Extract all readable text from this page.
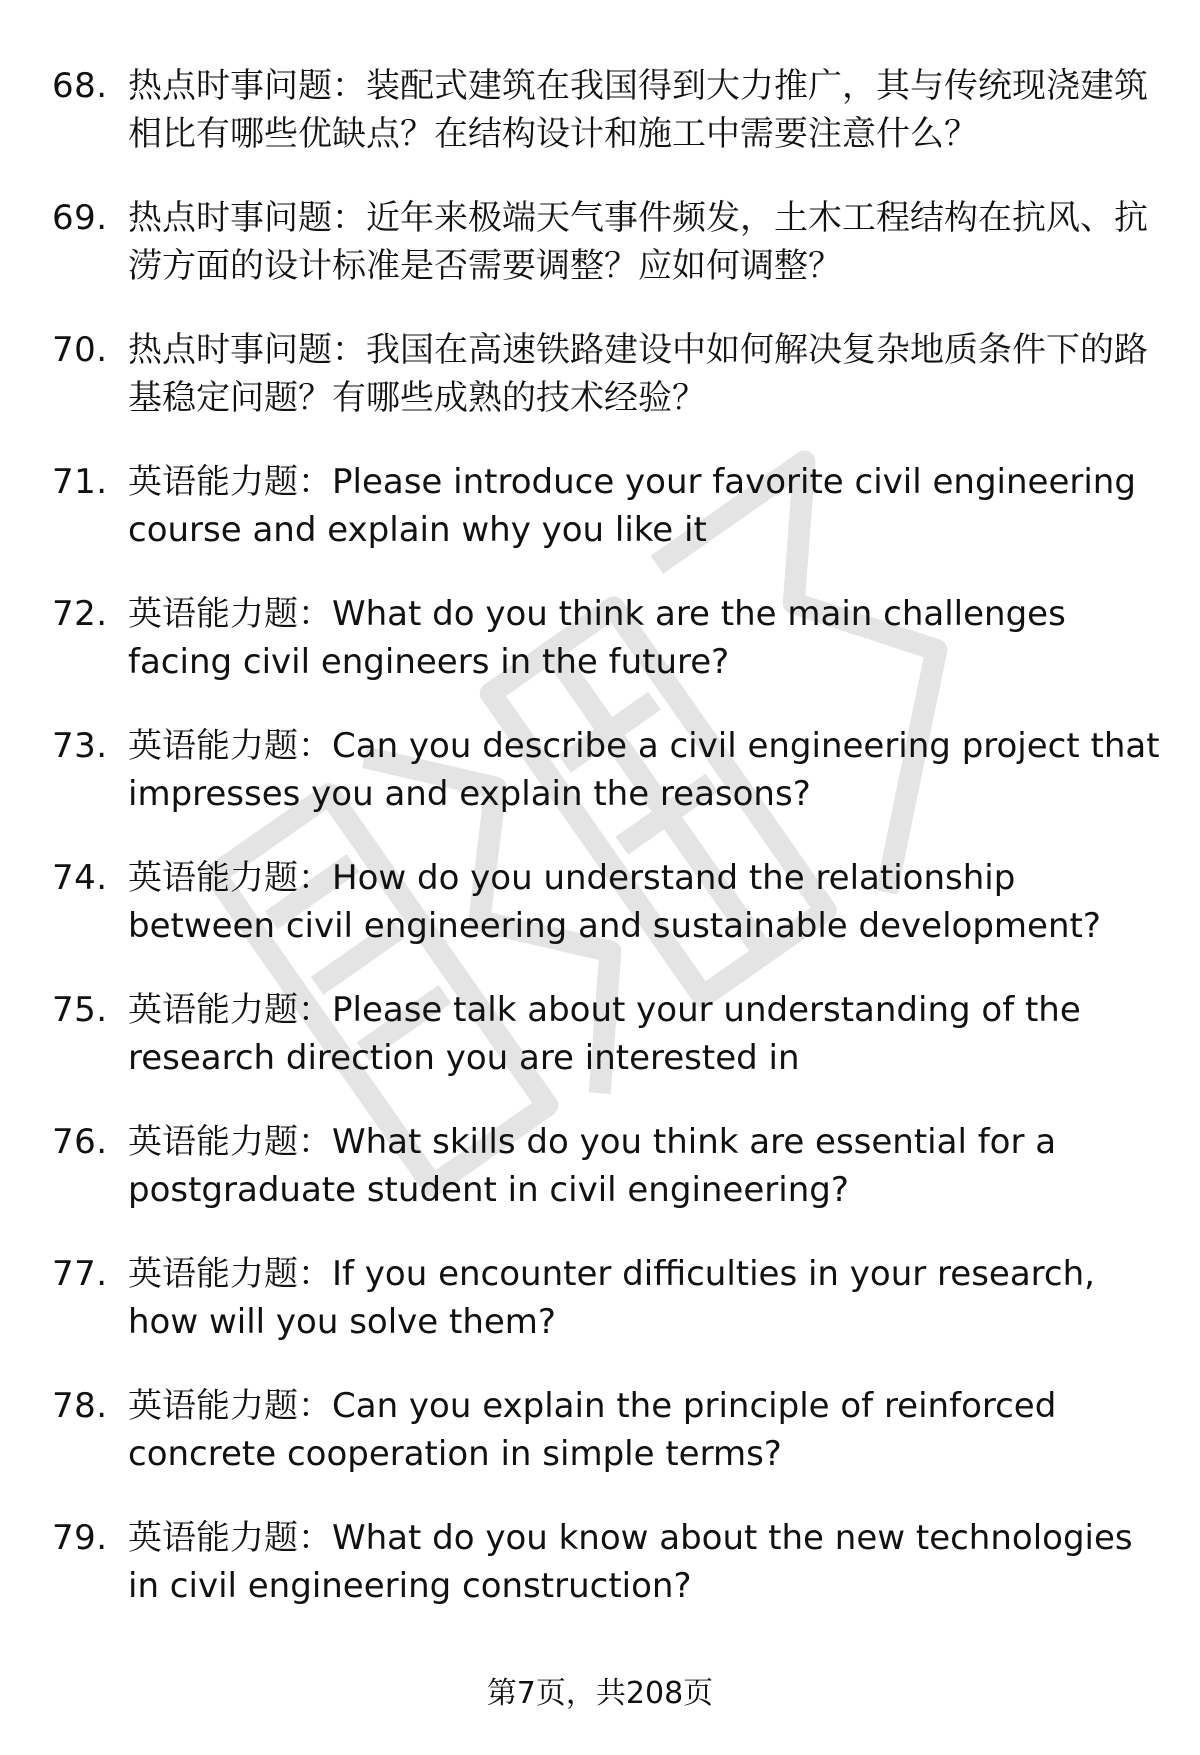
68. 热点时事问题：装配式建筑在我国得到大力推广，其与传统现浇建筑相比有哪些优缺点？在结构设计和施工中需要注意什么？
69. 热点时事问题：近年来极端天气事件频发，土木工程结构在抗风、抗涝方面的设计标准是否需要调整？应如何调整？
70. 热点时事问题：我国在高速铁路建设中如何解决复杂地质条件下的路基稳定问题？有哪些成熟的技术经验？
71. 英语能力题：Please introduce your favorite civil engineering course and explain why you like it
72. 英语能力题：What do you think are the main challenges facing civil engineers in the future?
73. 英语能力题：Can you describe a civil engineering project that impresses you and explain the reasons?
74. 英语能力题：How do you understand the relationship between civil engineering and sustainable development?
75. 英语能力题：Please talk about your understanding of the research direction you are interested in
76. 英语能力题：What skills do you think are essential for a postgraduate student in civil engineering?
77. 英语能力题：If you encounter difficulties in your research, how will you solve them?
78. 英语能力题：Can you explain the principle of reinforced concrete cooperation in simple terms?
79. 英语能力题：What do you know about the new technologies in civil engineering construction?
第7页，共208页
